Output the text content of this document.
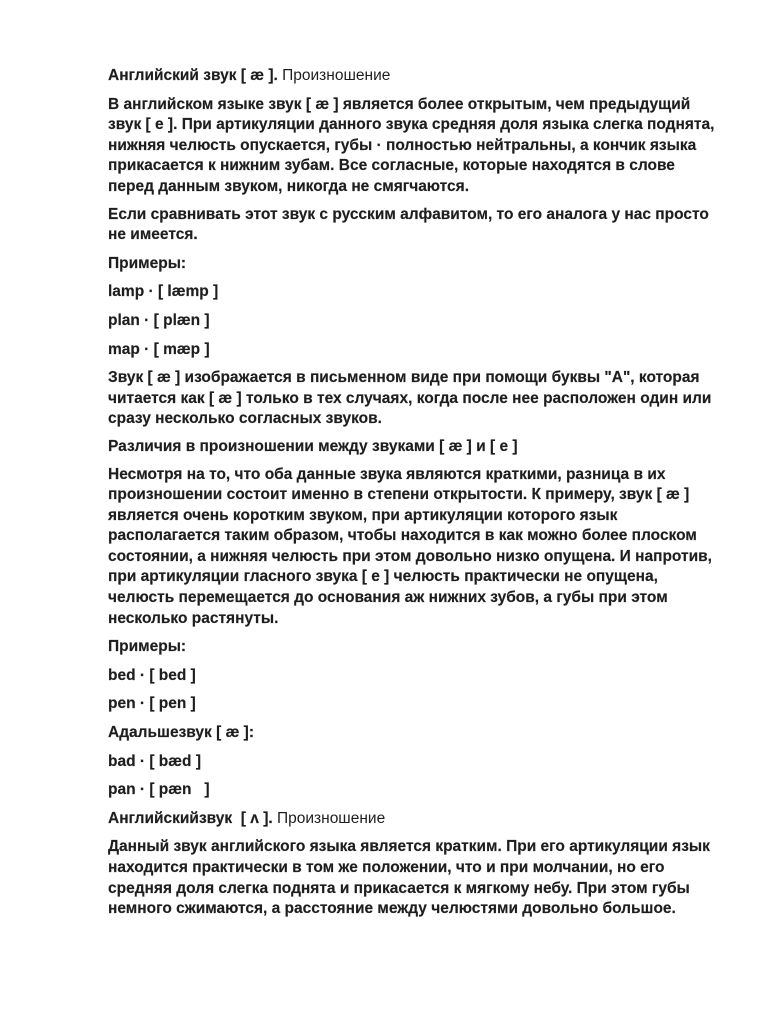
Английский звук [ æ ]. Произношение

В английском языке звук [ æ ] является более открытым, чем предыдущий звук [ e ]. При артикуляции данного звука средняя доля языка слегка поднята, нижняя челюсть опускается, губы · полностью нейтральны, а кончик языка прикасается к нижним зубам. Все согласные, которые находятся в слове перед данным звуком, никогда не смягчаются.

Если сравнивать этот звук с русским алфавитом, то его аналога у нас просто не имеется.

Примеры:

lamp · [ læmp ]

plan · [ plæn ]

map · [ mæp ]

Звук [ æ ] изображается в письменном виде при помощи буквы "A", которая читается как [ æ ] только в тех случаях, когда после нее расположен один или сразу несколько согласных звуков.

Различия в произношении между звуками [ æ ] и [ e ]

Несмотря на то, что оба данные звука являются краткими, разница в их произношении состоит именно в степени открытости. К примеру, звук [ æ ] является очень коротким звуком, при артикуляции которого язык располагается таким образом, чтобы находится в как можно более плоском состоянии, а нижняя челюсть при этом довольно низко опущена. И напротив, при артикуляции гласного звука [ e ] челюсть практически не опущена, челюсть перемещается до основания аж нижних зубов, а губы при этом несколько растянуты.

Примеры:

bed · [ bed ]

pen · [ pen ]

Адальшезвук [ æ ]:

bad · [ bæd ]

pan · [ pæn   ]

Английскийзвук  [ ʌ ]. Произношение

Данный звук английского языка является кратким. При его артикуляции язык находится практически в том же положении, что и при молчании, но его средняя доля слегка поднята и прикасается к мягкому небу. При этом губы немного сжимаются, а расстояние между челюстями довольно большое.
